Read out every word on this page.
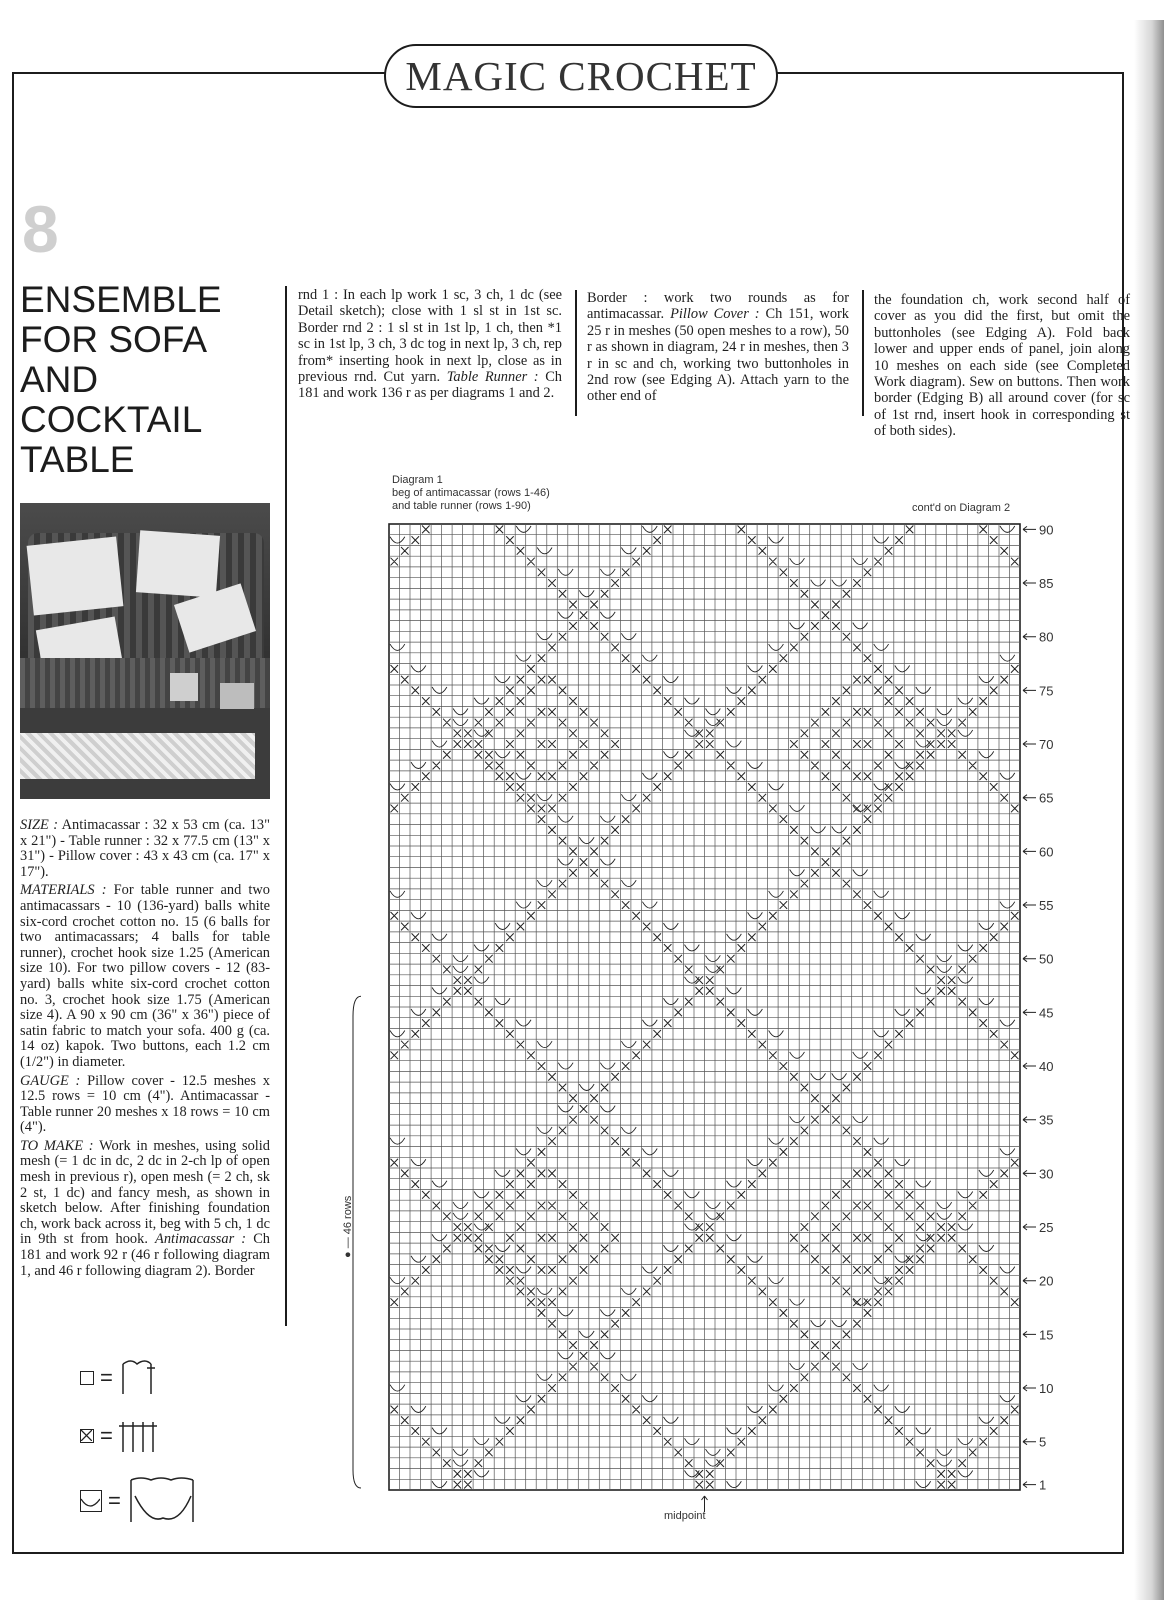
MAGIC CROCHET
8
ENSEMBLE
FOR SOFA
AND
COCKTAIL
TABLE

SIZE : Antimacassar : 32 x 53 cm (ca. 13" x 21") - Table runner : 32 x 77.5 cm (13" x 31") - Pillow cover : 43 x 43 cm (ca. 17" x 17").

MATERIALS : For table runner and two antimacassars - 10 (136-yard) balls white six-cord crochet cotton no. 15 (6 balls for two antimacassars; 4 balls for table runner), crochet hook size 1.25 (American size 10). For two pillow covers - 12 (83-yard) balls white six-cord crochet cotton no. 3, crochet hook size 1.75 (American size 4). A 90 x 90 cm (36" x 36") piece of satin fabric to match your sofa. 400 g (ca. 14 oz) kapok. Two buttons, each 1.2 cm (1/2") in diameter.

GAUGE : Pillow cover - 12.5 meshes x 12.5 rows = 10 cm (4"). Antimacassar - Table runner 20 meshes x 18 rows = 10 cm (4").

TO MAKE : Work in meshes, using solid mesh (= 1 dc in dc, 2 dc in 2-ch lp of open mesh in previous r), open mesh (= 2 ch, sk 2 st, 1 dc) and fancy mesh, as shown in sketch below. After finishing foundation ch, work back across it, beg with 5 ch, 1 dc in 9th st from hook. Antimacassar : Ch 181 and work 92 r (46 r following diagram 1, and 46 r following diagram 2). Border

rnd 1 : In each lp work 1 sc, 3 ch, 1 dc (see Detail sketch); close with 1 sl st in 1st sc. Border rnd 2 : 1 sl st in 1st lp, 1 ch, then *1 sc in 1st lp, 3 ch, 3 dc tog in next lp, 3 ch, rep from* inserting hook in next lp, close as in previous rnd. Cut yarn. Table Runner : Ch 181 and work 136 r as per diagrams 1 and 2.
Border : work two rounds as for antimacassar. Pillow Cover : Ch 151, work 25 r in meshes (50 open meshes to a row), 50 r as shown in diagram, 24 r in meshes, then 3 r in sc and ch, working two buttonholes in 2nd row (see Edging A). Attach yarn to the other end of
the foundation ch, work second half of cover as you did the first, but omit the buttonholes (see Edging A). Fold back lower and upper ends of panel, join along 10 meshes on each side (see Completed Work diagram). Sew on buttons. Then work border (Edging B) all around cover (for sc of 1st rnd, insert hook in corresponding st of both sides).
=
=
=
Diagram 1
beg of antimacassar (rows 1-46)
and table runner (rows 1-90)	cont'd on Diagram 2
midpoint
● — 46 rows
1
5
10
15
20
25
30
35
40
45
50
55
60
65
70
75
80
85
90
